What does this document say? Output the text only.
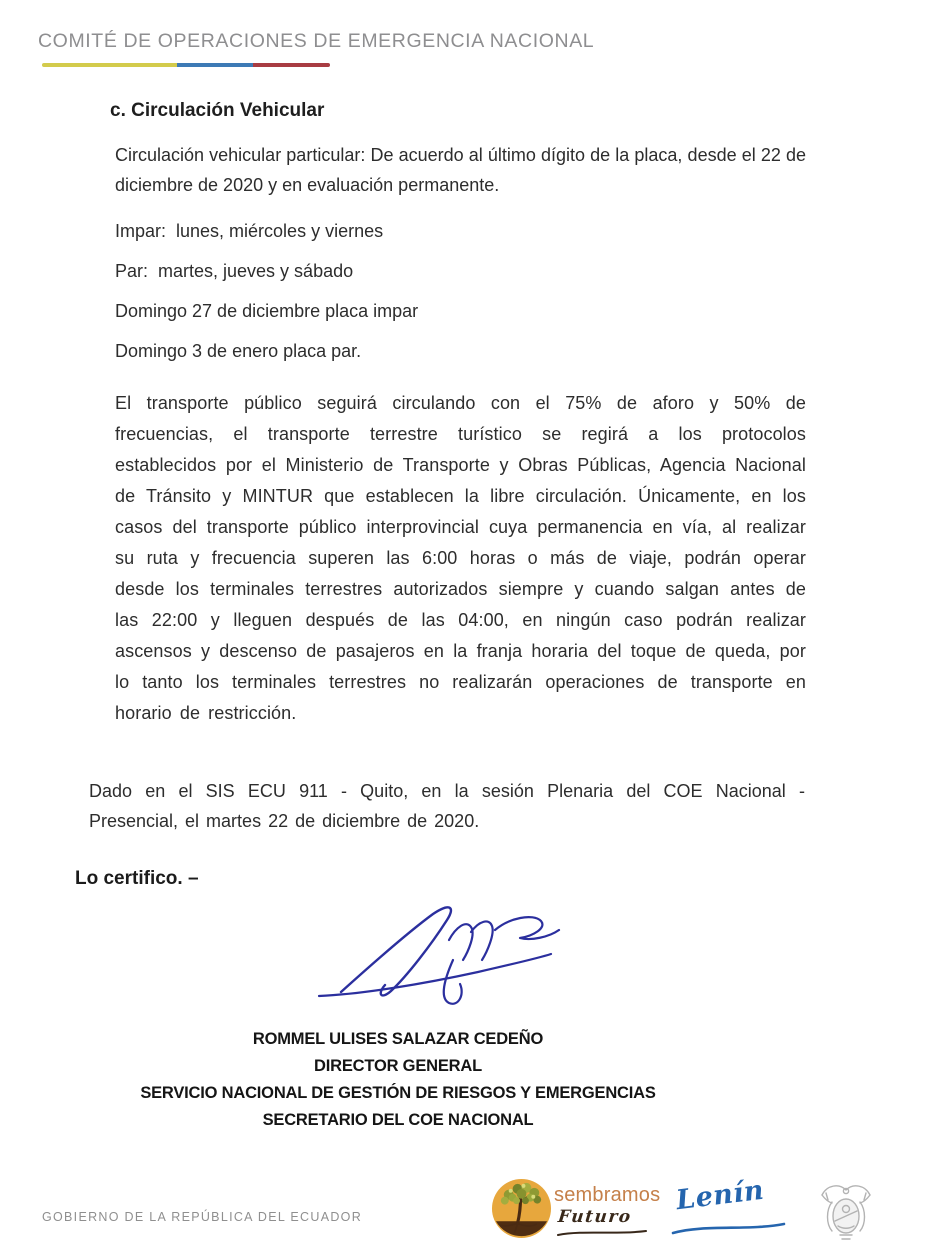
COMITÉ DE OPERACIONES DE EMERGENCIA NACIONAL
c. Circulación Vehicular
Circulación vehicular particular: De acuerdo al último dígito de la placa, desde el 22 de diciembre de 2020 y en evaluación permanente.
Impar:  lunes, miércoles y viernes
Par:  martes, jueves y sábado
Domingo 27 de diciembre placa impar
Domingo 3 de enero placa par.
El transporte público seguirá circulando con el 75% de aforo y 50% de frecuencias, el transporte terrestre turístico se regirá a los protocolos establecidos por el Ministerio de Transporte y Obras Públicas, Agencia Nacional de Tránsito y MINTUR que establecen la libre circulación. Únicamente, en los casos del transporte público interprovincial cuya permanencia en vía, al realizar su ruta y frecuencia superen las 6:00 horas o más de viaje, podrán operar desde los terminales terrestres autorizados siempre y cuando salgan antes de las 22:00 y lleguen después de las 04:00, en ningún caso podrán realizar ascensos y descenso de pasajeros en la franja horaria del toque de queda, por lo tanto los terminales terrestres no realizarán operaciones de transporte en horario de restricción.
Dado en el SIS ECU 911 - Quito, en la sesión Plenaria del COE Nacional - Presencial, el martes 22 de diciembre de 2020.
Lo certifico. –
ROMMEL ULISES SALAZAR CEDEÑO
DIRECTOR GENERAL
SERVICIO NACIONAL DE GESTIÓN DE RIESGOS Y EMERGENCIAS
SECRETARIO DEL COE NACIONAL
GOBIERNO DE LA REPÚBLICA DEL ECUADOR
sembramos
Futuro
Lenín
